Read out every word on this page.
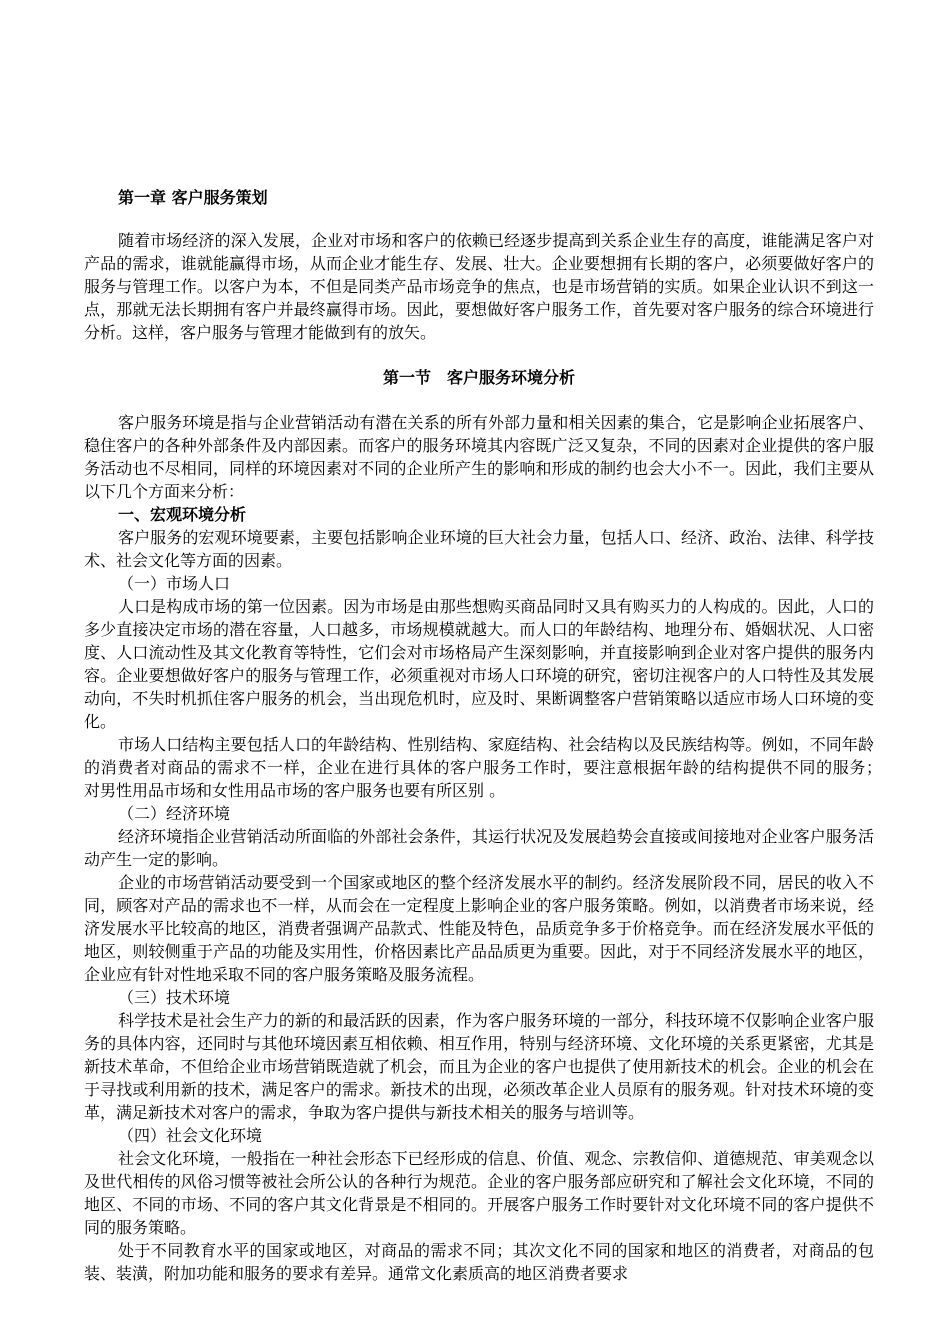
第一章 客户服务策划

随着市场经济的深入发展，企业对市场和客户的依赖已经逐步提高到关系企业生存的高度，谁能满足客户对产品的需求，谁就能赢得市场，从而企业才能生存、发展、壮大。企业要想拥有长期的客户，必须要做好客户的服务与管理工作。以客户为本，不但是同类产品市场竞争的焦点，也是市场营销的实质。如果企业认识不到这一点，那就无法长期拥有客户并最终赢得市场。因此，要想做好客户服务工作，首先要对客户服务的综合环境进行分析。这样，客户服务与管理才能做到有的放矢。

第一节　客户服务环境分析

客户服务环境是指与企业营销活动有潜在关系的所有外部力量和相关因素的集合，它是影响企业拓展客户、稳住客户的各种外部条件及内部因素。而客户的服务环境其内容既广泛又复杂，不同的因素对企业提供的客户服务活动也不尽相同，同样的环境因素对不同的企业所产生的影响和形成的制约也会大小不一。因此，我们主要从以下几个方面来分析：

一、宏观环境分析

客户服务的宏观环境要素，主要包括影响企业环境的巨大社会力量，包括人口、经济、政治、法律、科学技术、社会文化等方面的因素。

（一）市场人口

人口是构成市场的第一位因素。因为市场是由那些想购买商品同时又具有购买力的人构成的。因此，人口的多少直接决定市场的潜在容量，人口越多，市场规模就越大。而人口的年龄结构、地理分布、婚姻状况、人口密度、人口流动性及其文化教育等特性，它们会对市场格局产生深刻影响，并直接影响到企业对客户提供的服务内容。企业要想做好客户的服务与管理工作，必须重视对市场人口环境的研究，密切注视客户的人口特性及其发展动向，不失时机抓住客户服务的机会，当出现危机时，应及时、果断调整客户营销策略以适应市场人口环境的变化。

市场人口结构主要包括人口的年龄结构、性别结构、家庭结构、社会结构以及民族结构等。例如，不同年龄的消费者对商品的需求不一样，企业在进行具体的客户服务工作时，要注意根据年龄的结构提供不同的服务；　对男性用品市场和女性用品市场的客户服务也要有所区别 。

（二）经济环境

经济环境指企业营销活动所面临的外部社会条件，其运行状况及发展趋势会直接或间接地对企业客户服务活动产生一定的影响。

企业的市场营销活动要受到一个国家或地区的整个经济发展水平的制约。经济发展阶段不同，居民的收入不同，顾客对产品的需求也不一样，从而会在一定程度上影响企业的客户服务策略。例如，以消费者市场来说，经济发展水平比较高的地区，消费者强调产品款式、性能及特色，品质竞争多于价格竞争。而在经济发展水平低的地区，则较侧重于产品的功能及实用性，价格因素比产品品质更为重要。因此，对于不同经济发展水平的地区，企业应有针对性地采取不同的客户服务策略及服务流程。

（三）技术环境

科学技术是社会生产力的新的和最活跃的因素，作为客户服务环境的一部分，科技环境不仅影响企业客户服务的具体内容，还同时与其他环境因素互相依赖、相互作用，特别与经济环境、文化环境的关系更紧密，尤其是新技术革命，不但给企业市场营销既造就了机会，而且为企业的客户也提供了使用新技术的机会。企业的机会在于寻找或利用新的技术，满足客户的需求。新技术的出现，必须改革企业人员原有的服务观。针对技术环境的变革，满足新技术对客户的需求，争取为客户提供与新技术相关的服务与培训等。

（四）社会文化环境

社会文化环境，一般指在一种社会形态下已经形成的信息、价值、观念、宗教信仰、道德规范、审美观念以及世代相传的风俗习惯等被社会所公认的各种行为规范。企业的客户服务部应研究和了解社会文化环境，不同的地区、不同的市场、不同的客户其文化背景是不相同的。开展客户服务工作时要针对文化环境不同的客户提供不同的服务策略。

处于不同教育水平的国家或地区，对商品的需求不同；其次文化不同的国家和地区的消费者，对商品的包装、装潢，附加功能和服务的要求有差异。通常文化素质高的地区消费者要求
